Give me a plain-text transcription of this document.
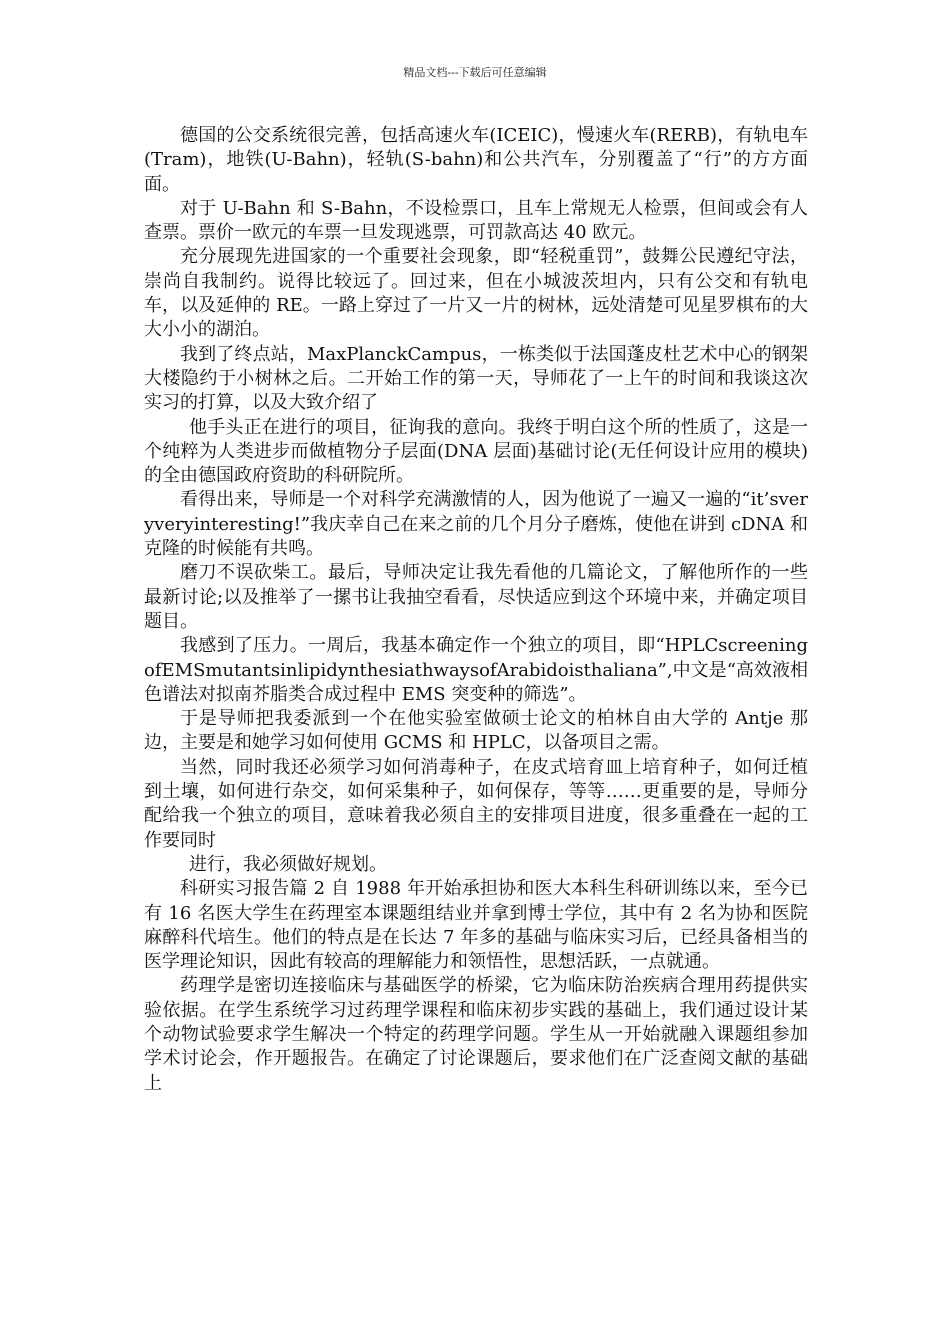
精品文档---下载后可任意编辑

德国的公交系统很完善，包括高速火车(ICEIC)，慢速火车(RERB)，有轨电车(Tram)，地铁(U-Bahn)，轻轨(S-bahn)和公共汽车，分别覆盖了“行”的方方面面。

对于 U-Bahn 和 S-Bahn，不设检票口，且车上常规无人检票，但间或会有人查票。票价一欧元的车票一旦发现逃票，可罚款高达 40 欧元。

充分展现先进国家的一个重要社会现象，即“轻税重罚”，鼓舞公民遵纪守法，崇尚自我制约。说得比较远了。回过来，但在小城波茨坦内，只有公交和有轨电车，以及延伸的 RE。一路上穿过了一片又一片的树林，远处清楚可见星罗棋布的大大小小的湖泊。

我到了终点站，MaxPlanckCampus，一栋类似于法国蓬皮杜艺术中心的钢架大楼隐约于小树林之后。二开始工作的第一天，导师花了一上午的时间和我谈这次实习的打算，以及大致介绍了

他手头正在进行的项目，征询我的意向。我终于明白这个所的性质了，这是一个纯粹为人类进步而做植物分子层面(DNA 层面)基础讨论(无任何设计应用的模块)的全由德国政府资助的科研院所。

看得出来，导师是一个对科学充满激情的人，因为他说了一遍又一遍的“it’sveryveryinteresting!”我庆幸自己在来之前的几个月分子磨炼，使他在讲到 cDNA 和克隆的时候能有共鸣。

磨刀不误砍柴工。最后，导师决定让我先看他的几篇论文，了解他所作的一些最新讨论;以及推举了一摞书让我抽空看看，尽快适应到这个环境中来，并确定项目题目。

我感到了压力。一周后，我基本确定作一个独立的项目，即“HPLCscreeningofEMSmutantsinlipidynthesiathwaysofArabidoisthaliana”,中文是“高效液相色谱法对拟南芥脂类合成过程中 EMS 突变种的筛选”。

于是导师把我委派到一个在他实验室做硕士论文的柏林自由大学的 Antje 那边，主要是和她学习如何使用 GCMS 和 HPLC，以备项目之需。

当然，同时我还必须学习如何消毒种子，在皮式培育皿上培育种子，如何迁植到土壤，如何进行杂交，如何采集种子，如何保存，等等……更重要的是，导师分配给我一个独立的项目，意味着我必须自主的安排项目进度，很多重叠在一起的工作要同时

进行，我必须做好规划。

科研实习报告篇 2 自 1988 年开始承担协和医大本科生科研训练以来，至今已有 16 名医大学生在药理室本课题组结业并拿到博士学位，其中有 2 名为协和医院麻醉科代培生。他们的特点是在长达 7 年多的基础与临床实习后，已经具备相当的医学理论知识，因此有较高的理解能力和领悟性，思想活跃，一点就通。

药理学是密切连接临床与基础医学的桥梁，它为临床防治疾病合理用药提供实验依据。在学生系统学习过药理学课程和临床初步实践的基础上，我们通过设计某个动物试验要求学生解决一个特定的药理学问题。学生从一开始就融入课题组参加学术讨论会，作开题报告。在确定了讨论课题后，要求他们在广泛查阅文献的基础上
